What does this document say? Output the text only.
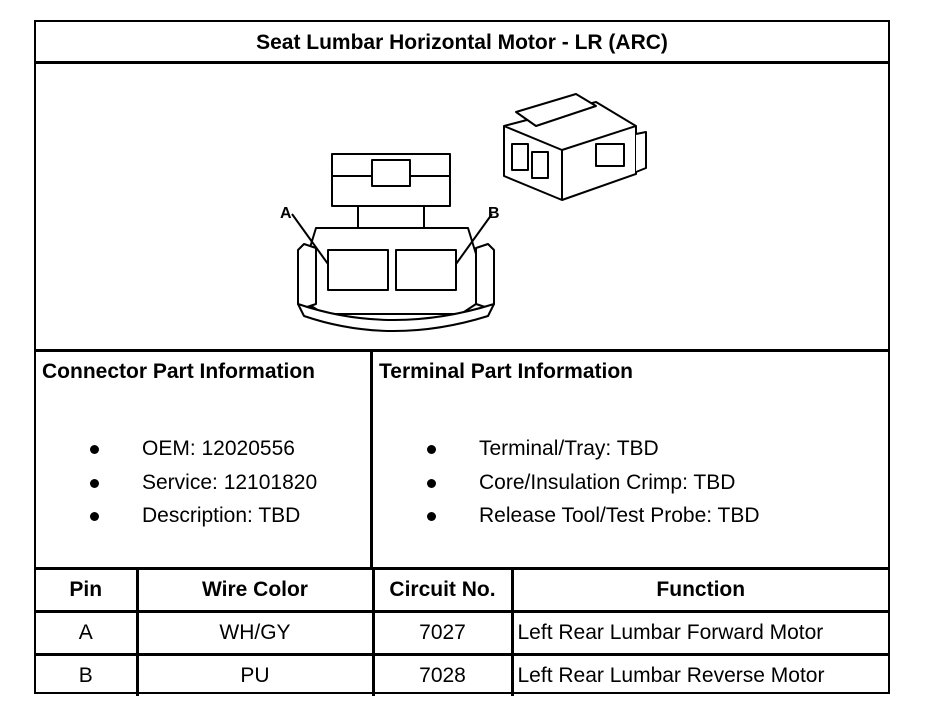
Seat Lumbar Horizontal Motor - LR (ARC)
A	B
Connector Part Information
OEM: 12020556
Service: 12101820
Description: TBD
Terminal Part Information
Terminal/Tray: TBD
Core/Insulation Crimp: TBD
Release Tool/Test Probe: TBD
Pin	Wire Color	Circuit No.	Function
A	WH/GY	7027	Left Rear Lumbar Forward Motor
B	PU	7028	Left Rear Lumbar Reverse Motor
